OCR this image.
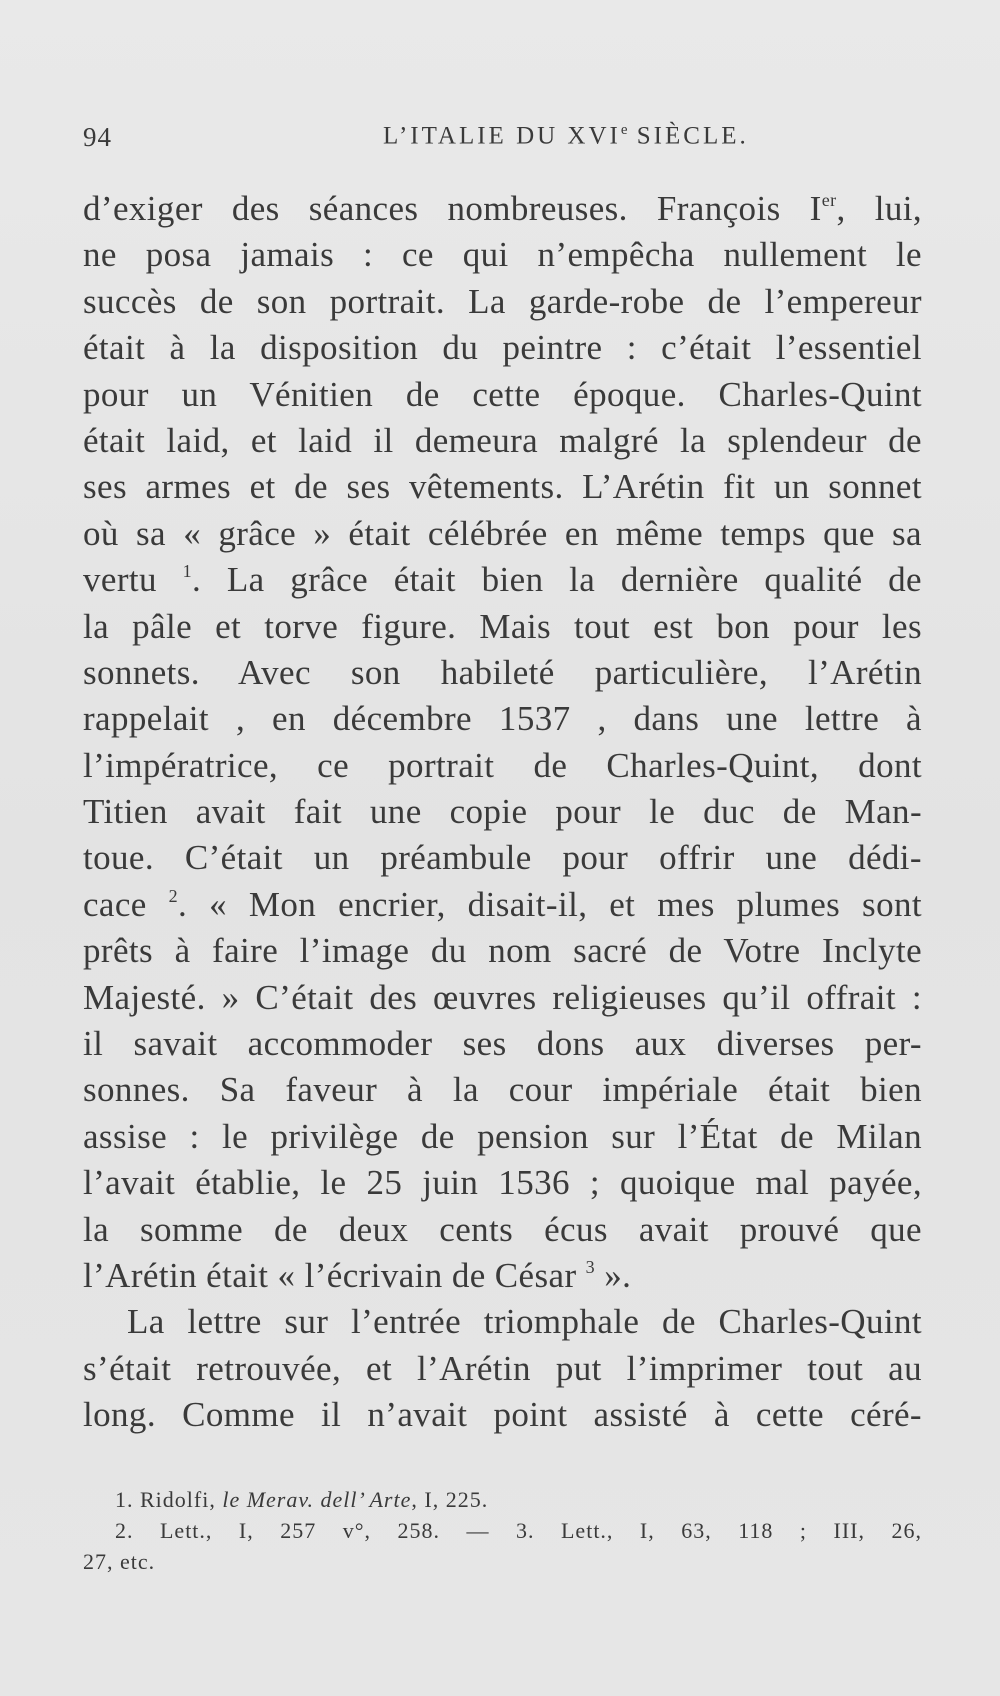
94	L’ITALIE DU XVIe SIÈCLE.
d’exiger des séances nombreuses. François Ier, lui,
ne posa jamais : ce qui n’empêcha nullement le
succès de son portrait. La garde-robe de l’empereur
était à la disposition du peintre : c’était l’essentiel
pour un Vénitien de cette époque. Charles-Quint
était laid, et laid il demeura malgré la splendeur de
ses armes et de ses vêtements. L’Arétin fit un sonnet
où sa « grâce » était célébrée en même temps que sa
vertu $^1$. La grâce était bien la dernière qualité de
la pâle et torve figure. Mais tout est bon pour les
sonnets. Avec son habileté particulière, l’Arétin
rappelait , en décembre 1537 , dans une lettre à
l’impératrice, ce portrait de Charles-Quint, dont
Titien avait fait une copie pour le duc de Man-
toue. C’était un préambule pour offrir une dédi-
cace $^2$. « Mon encrier, disait-il, et mes plumes sont
prêts à faire l’image du nom sacré de Votre Inclyte
Majesté. » C’était des œuvres religieuses qu’il offrait :
il savait accommoder ses dons aux diverses per-
sonnes. Sa faveur à la cour impériale était bien
assise : le privilège de pension sur l’État de Milan
l’avait établie, le 25 juin 1536 ; quoique mal payée,
la somme de deux cents écus avait prouvé que
l’Arétin était « l’écrivain de César $^3$ ».
La lettre sur l’entrée triomphale de Charles-Quint
s’était retrouvée, et l’Arétin put l’imprimer tout au
long. Comme il n’avait point assisté à cette céré-
1. Ridolfi, le Merav. dell’ Arte, I, 225.
2. Lett., I, 257 v°, 258. — 3. Lett., I, 63, 118 ; III, 26,
27, etc.
